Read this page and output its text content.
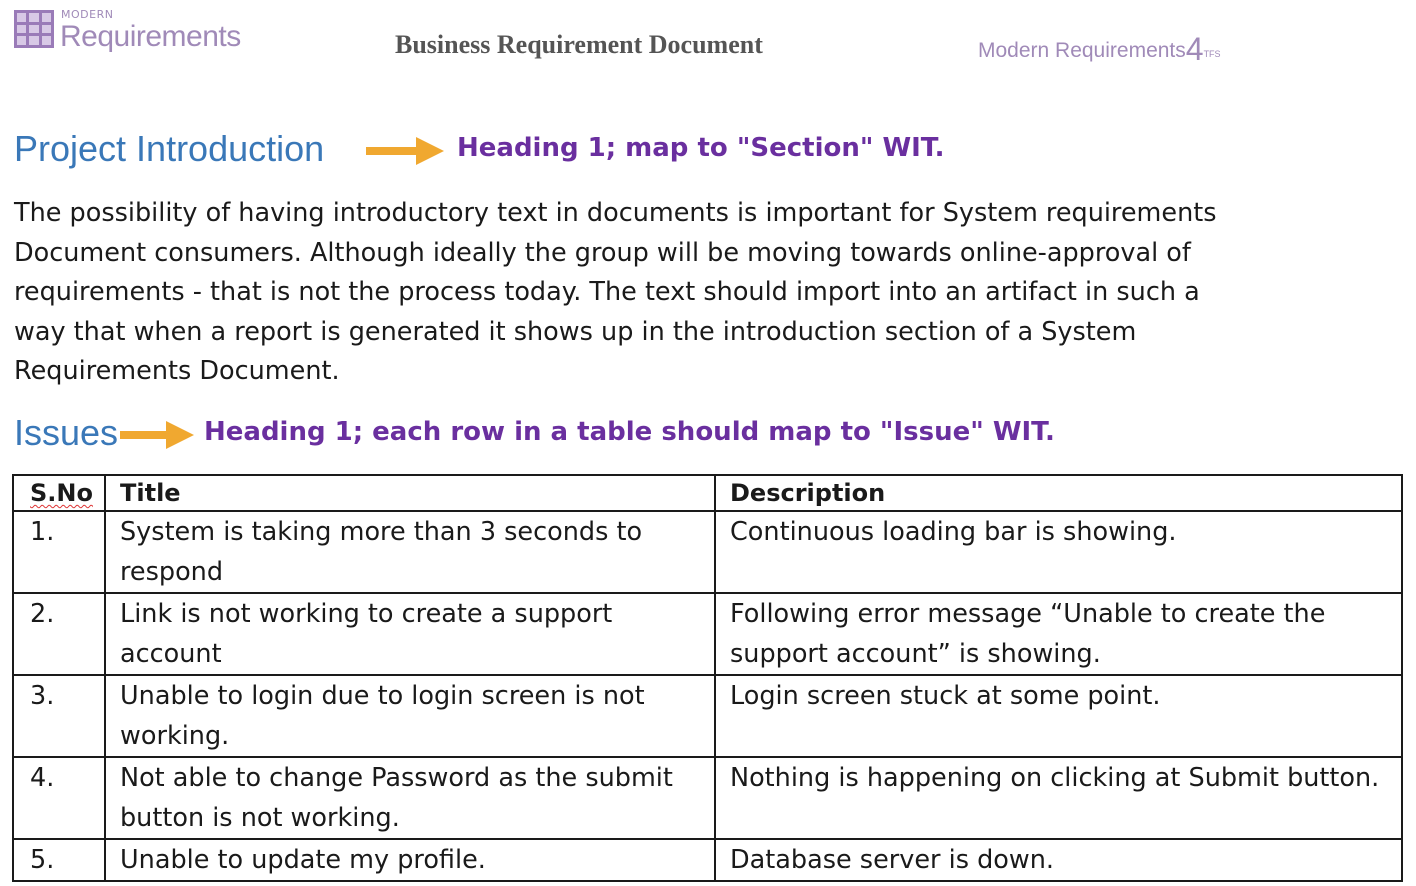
MODERN
Requirements	Business Requirement Document	Modern Requirements4TFS
Project Introduction	Heading 1; map to "Section" WIT.

The possibility of having introductory text in documents is important for System requirements Document consumers. Although ideally the group will be moving towards online-approval of requirements - that is not the process today. The text should import into an artifact in such a way that when a report is generated it shows up in the introduction section of a System Requirements Document.

Issues	Heading 1; each row in a table should map to "Issue" WIT.
S.No	Title	Description
1.	System is taking more than 3 seconds to respond	Continuous loading bar is showing.
2.	Link is not working to create a support account	Following error message “Unable to create the support account” is showing.
3.	Unable to login due to login screen is not working.	Login screen stuck at some point.
4.	Not able to change Password as the submit button is not working.	Nothing is happening on clicking at Submit button.
5.	Unable to update my profile.	Database server is down.
